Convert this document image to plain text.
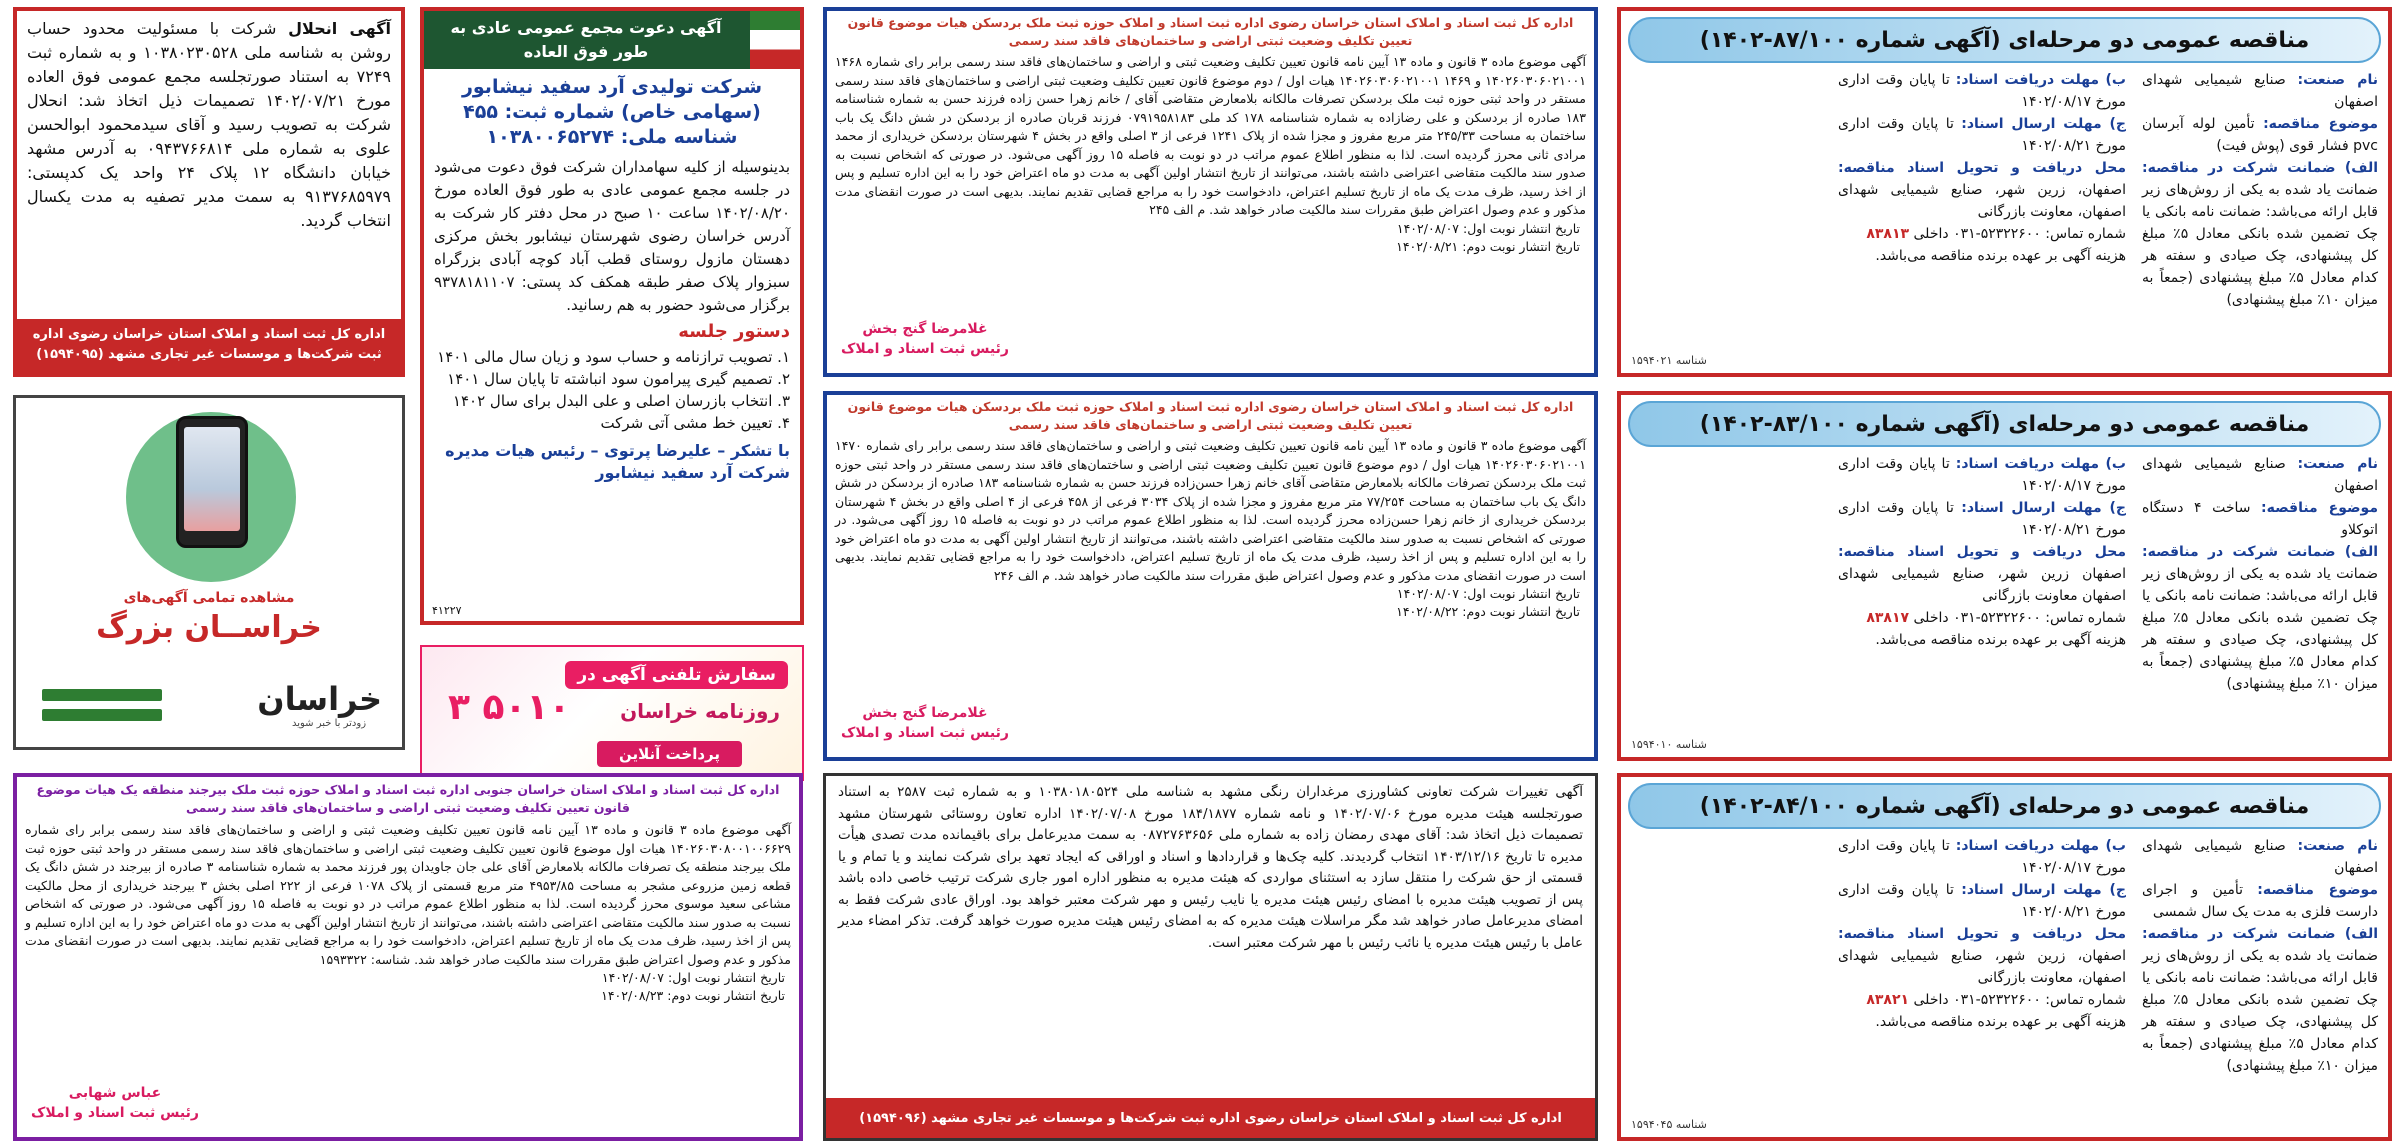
مناقصه عمومی دو مرحله‌ای (آگهی شماره ۸۷/۱۰۰-۱۴۰۲)

نام صنعت: صنایع شیمیایی شهدای اصفهان

موضوع مناقصه: تأمین لوله آبرسان pvc فشار قوی (پوش فیت)

الف) ضمانت شرکت در مناقصه: ضمانت یاد شده به یکی از روش‌های زیر قابل ارائه می‌باشد: ضمانت نامه بانکی یا چک تضمین شده بانکی معادل ۵٪ مبلغ کل پیشنهادی، چک صیادی و سفته هر کدام معادل ۵٪ مبلغ پیشنهادی (جمعاً به میزان ۱۰٪ مبلغ پیشنهادی)

ب) مهلت دریافت اسناد: تا پایان وقت اداری مورخ ۱۴۰۲/۰۸/۱۷

ج) مهلت ارسال اسناد: تا پایان وقت اداری مورخ ۱۴۰۲/۰۸/۲۱

محل دریافت و تحویل اسناد مناقصه: اصفهان، زرین شهر، صنایع شیمیایی شهدای اصفهان، معاونت بازرگانی

شماره تماس: ۵۲۳۲۲۶۰۰-۰۳۱ داخلی ۸۳۸۱۳

هزینه آگهی بر عهده برنده مناقصه می‌باشد.

شناسه ۱۵۹۴۰۲۱
مناقصه عمومی دو مرحله‌ای (آگهی شماره ۸۳/۱۰۰-۱۴۰۲)

نام صنعت: صنایع شیمیایی شهدای اصفهان

موضوع مناقصه: ساخت ۴ دستگاه اتوکلاو

الف) ضمانت شرکت در مناقصه: ضمانت یاد شده به یکی از روش‌های زیر قابل ارائه می‌باشد: ضمانت نامه بانکی یا چک تضمین شده بانکی معادل ۵٪ مبلغ کل پیشنهادی، چک صیادی و سفته هر کدام معادل ۵٪ مبلغ پیشنهادی (جمعاً به میزان ۱۰٪ مبلغ پیشنهادی)

ب) مهلت دریافت اسناد: تا پایان وقت اداری مورخ ۱۴۰۲/۰۸/۱۷

ج) مهلت ارسال اسناد: تا پایان وقت اداری مورخ ۱۴۰۲/۰۸/۲۱

محل دریافت و تحویل اسناد مناقصه: اصفهان زرین شهر، صنایع شیمیایی شهدای اصفهان معاونت بازرگانی

شماره تماس: ۵۲۳۲۲۶۰۰-۰۳۱ داخلی ۸۳۸۱۷

هزینه آگهی بر عهده برنده مناقصه می‌باشد.

شناسه ۱۵۹۴۰۱۰
مناقصه عمومی دو مرحله‌ای (آگهی شماره ۸۴/۱۰۰-۱۴۰۲)

نام صنعت: صنایع شیمیایی شهدای اصفهان

موضوع مناقصه: تأمین و اجرای دارست فلزی به مدت یک سال شمسی

الف) ضمانت شرکت در مناقصه: ضمانت یاد شده به یکی از روش‌های زیر قابل ارائه می‌باشد: ضمانت نامه بانکی یا چک تضمین شده بانکی معادل ۵٪ مبلغ کل پیشنهادی، چک صیادی و سفته هر کدام معادل ۵٪ مبلغ پیشنهادی (جمعاً به میزان ۱۰٪ مبلغ پیشنهادی)

ب) مهلت دریافت اسناد: تا پایان وقت اداری مورخ ۱۴۰۲/۰۸/۱۷

ج) مهلت ارسال اسناد: تا پایان وقت اداری مورخ ۱۴۰۲/۰۸/۲۱

محل دریافت و تحویل اسناد مناقصه: اصفهان، زرین شهر، صنایع شیمیایی شهدای اصفهان، معاونت بازرگانی

شماره تماس: ۵۲۳۲۲۶۰۰-۰۳۱ داخلی ۸۳۸۲۱

هزینه آگهی بر عهده برنده مناقصه می‌باشد.

شناسه ۱۵۹۴۰۴۵
اداره کل ثبت اسناد و املاک استان خراسان رضوی اداره ثبت اسناد و املاک حوزه ثبت ملک بردسکن هیات موضوع قانون تعیین تکلیف وضعیت ثبتی اراضی و ساختمان‌های فاقد سند رسمی
آگهی موضوع ماده ۳ قانون و ماده ۱۳ آیین نامه قانون تعیین تکلیف وضعیت ثبتی و اراضی و ساختمان‌های فاقد سند رسمی برابر رای شماره ۱۴۶۸ ۱۴۰۲۶۰۳۰۶۰۲۱۰۰۱ و ۱۴۶۹ ۱۴۰۲۶۰۳۰۶۰۲۱۰۰۱ هیات اول / دوم موضوع قانون تعیین تکلیف وضعیت ثبتی اراضی و ساختمان‌های فاقد سند رسمی مستقر در واحد ثبتی حوزه ثبت ملک بردسکن تصرفات مالکانه بلامعارض متقاضی آقای / خانم زهرا حسن زاده فرزند حسن به شماره شناسنامه ۱۸۳ صادره از بردسکن و علی رضازاده به شماره شناسنامه ۱۷۸ کد ملی ۰۷۹۱۹۵۸۱۸۳ فرزند قربان صادره از بردسکن در شش دانگ یک باب ساختمان به مساحت ۲۴۵/۳۳ متر مربع مفروز و مجزا شده از پلاک ۱۲۴۱ فرعی از ۳ اصلی واقع در بخش ۴ شهرستان بردسکن خریداری از محمد مرادی ثانی محرز گردیده است. لذا به منظور اطلاع عموم مراتب در دو نوبت به فاصله ۱۵ روز آگهی می‌شود. در صورتی که اشخاص نسبت به صدور سند مالکیت متقاضی اعتراضی داشته باشند، می‌توانند از تاریخ انتشار اولین آگهی به مدت دو ماه اعتراض خود را به این اداره تسلیم و پس از اخذ رسید، ظرف مدت یک ماه از تاریخ تسلیم اعتراض، دادخواست خود را به مراجع قضایی تقدیم نمایند. بدیهی است در صورت انقضای مدت مذکور و عدم وصول اعتراض طبق مقررات سند مالکیت صادر خواهد شد. م الف ۲۴۵
تاریخ انتشار نوبت اول: ۱۴۰۲/۰۸/۰۷
تاریخ انتشار نوبت دوم: ۱۴۰۲/۰۸/۲۱
غلامرضا گنج بخش
رئیس ثبت اسناد و املاک
اداره کل ثبت اسناد و املاک استان خراسان رضوی اداره ثبت اسناد و املاک حوزه ثبت ملک بردسکن هیات موضوع قانون تعیین تکلیف وضعیت ثبتی اراضی و ساختمان‌های فاقد سند رسمی
آگهی موضوع ماده ۳ قانون و ماده ۱۳ آیین نامه قانون تعیین تکلیف وضعیت ثبتی و اراضی و ساختمان‌های فاقد سند رسمی برابر رای شماره ۱۴۷۰ ۱۴۰۲۶۰۳۰۶۰۲۱۰۰۱ هیات اول / دوم موضوع قانون تعیین تکلیف وضعیت ثبتی اراضی و ساختمان‌های فاقد سند رسمی مستقر در واحد ثبتی حوزه ثبت ملک بردسکن تصرفات مالکانه بلامعارض متقاضی آقای خانم زهرا حسن‌زاده فرزند حسن به شماره شناسنامه ۱۸۳ صادره از بردسکن در شش دانگ یک باب ساختمان به مساحت ۷۷/۲۵۴ متر مربع مفروز و مجزا شده از پلاک ۳۰۳۴ فرعی از ۴۵۸ فرعی از ۴ اصلی واقع در بخش ۴ شهرستان بردسکن خریداری از خانم زهرا حسن‌زاده محرز گردیده است. لذا به منظور اطلاع عموم مراتب در دو نوبت به فاصله ۱۵ روز آگهی می‌شود. در صورتی که اشخاص نسبت به صدور سند مالکیت متقاضی اعتراضی داشته باشند، می‌توانند از تاریخ انتشار اولین آگهی به مدت دو ماه اعتراض خود را به این اداره تسلیم و پس از اخذ رسید، ظرف مدت یک ماه از تاریخ تسلیم اعتراض، دادخواست خود را به مراجع قضایی تقدیم نمایند. بدیهی است در صورت انقضای مدت مذکور و عدم وصول اعتراض طبق مقررات سند مالکیت صادر خواهد شد. م الف ۲۴۶
تاریخ انتشار نوبت اول: ۱۴۰۲/۰۸/۰۷
تاریخ انتشار نوبت دوم: ۱۴۰۲/۰۸/۲۲
غلامرضا گنج بخش
رئیس ثبت اسناد و املاک
آگهی تغییرات شرکت تعاونی کشاورزی مرغداران رنگی مشهد به شناسه ملی ۱۰۳۸۰۱۸۰۵۲۴ و به شماره ثبت ۲۵۸۷ به استناد صورتجلسه هیئت مدیره مورخ ۱۴۰۲/۰۷/۰۶ و نامه شماره ۱۸۴/۱۸۷۷ مورخ ۱۴۰۲/۰۷/۰۸ اداره تعاون روستائی شهرستان مشهد تصمیمات ذیل اتخاذ شد: آقای مهدی رمضان زاده به شماره ملی ۰۸۷۲۷۶۳۶۵۶ به سمت مدیرعامل برای باقیمانده مدت تصدی هیأت مدیره تا تاریخ ۱۴۰۳/۱۲/۱۶ انتخاب گردیدند. کلیه چک‌ها و قراردادها و اسناد و اوراقی که ایجاد تعهد برای شرکت نمایند و یا تمام و یا قسمتی از حق شرکت را منتقل سازد به استثنای مواردی که هیئت مدیره به منظور اداره امور جاری شرکت ترتیب خاصی داده باشد پس از تصویب هیئت مدیره با امضای رئیس هیئت مدیره یا نایب رئیس و مهر شرکت معتبر خواهد بود. اوراق عادی شرکت فقط به امضای مدیرعامل صادر خواهد شد مگر مراسلات هیئت مدیره که به امضای رئیس هیئت مدیره صورت خواهد گرفت. تذکر امضاء مدیر عامل با رئیس هیئت مدیره یا نائب رئیس با مهر شرکت معتبر است.
اداره کل ثبت اسناد و املاک استان خراسان رضوی اداره ثبت شرکت‌ها و موسسات غیر تجاری مشهد (۱۵۹۴۰۹۶)
آگهی دعوت مجمع عمومی عادی به طور فوق العاده
شرکت تولیدی آرد سفید نیشابور (سهامی خاص) شماره ثبت: ۴۵۵ شناسه ملی: ۱۰۳۸۰۰۶۵۲۷۴
بدینوسیله از کلیه سهامداران شرکت فوق دعوت می‌شود در جلسه مجمع عمومی عادی به طور فوق العاده مورخ ۱۴۰۲/۰۸/۲۰ ساعت ۱۰ صبح در محل دفتر کار شرکت به آدرس خراسان رضوی شهرستان نیشابور بخش مرکزی دهستان مازول روستای قطب آباد کوچه آبادی بزرگراه سبزوار پلاک صفر طبقه همکف کد پستی: ۹۳۷۸۱۸۱۱۰۷ برگزار می‌شود حضور به هم رسانید.
دستور جلسه
۱. تصویب ترازنامه و حساب سود و زیان سال مالی ۱۴۰۱
۲. تصمیم گیری پیرامون سود انباشته تا پایان سال ۱۴۰۱
۳. انتخاب بازرسان اصلی و علی البدل برای سال ۱۴۰۲
۴. تعیین خط مشی آتی شرکت
با تشکر – علیرضا پرتوی – رئیس هیات مدیره شرکت آرد سفید نیشابور
۴۱۲۲۷
سفارش تلفنی آگهی در
روزنامه خراسان
۳ ۵۰۱۰
پرداخت آنلاین
آگهی انحلال شرکت با مسئولیت محدود حساب روشن به شناسه ملی ۱۰۳۸۰۲۳۰۵۲۸ و به شماره ثبت ۷۲۴۹ به استناد صورتجلسه مجمع عمومی فوق العاده مورخ ۱۴۰۲/۰۷/۲۱ تصمیمات ذیل اتخاذ شد: انحلال شرکت به تصویب رسید و آقای سیدمحمود ابوالحسن علوی به شماره ملی ۰۹۴۳۷۶۶۸۱۴ به آدرس مشهد خیابان دانشگاه ۱۲ پلاک ۲۴ واحد یک کدپستی: ۹۱۳۷۶۸۵۹۷۹ به سمت مدیر تصفیه به مدت یکسال انتخاب گردید.
اداره کل ثبت اسناد و املاک استان خراسان رضوی اداره ثبت شرکت‌ها و موسسات غیر تجاری مشهد (۱۵۹۴۰۹۵)
مشاهده تمامی آگهی‌های
خراســان بزرگ
خراسان
زودتر با خبر شوید
اداره کل ثبت اسناد و املاک استان خراسان جنوبی اداره ثبت اسناد و املاک حوزه ثبت ملک بیرجند منطقه یک هیات موضوع قانون تعیین تکلیف وضعیت ثبتی اراضی و ساختمان‌های فاقد سند رسمی
آگهی موضوع ماده ۳ قانون و ماده ۱۳ آیین نامه قانون تعیین تکلیف وضعیت ثبتی و اراضی و ساختمان‌های فاقد سند رسمی برابر رای شماره ۱۴۰۲۶۰۳۰۸۰۰۱۰۰۶۶۲۹ هیات اول موضوع قانون تعیین تکلیف وضعیت ثبتی اراضی و ساختمان‌های فاقد سند رسمی مستقر در واحد ثبتی حوزه ثبت ملک بیرجند منطقه یک تصرفات مالکانه بلامعارض آقای علی جان جاویدان پور فرزند محمد به شماره شناسنامه ۳ صادره از بیرجند در شش دانگ یک قطعه زمین مزروعی مشجر به مساحت ۴۹۵۳/۸۵ متر مربع قسمتی از پلاک ۱۰۷۸ فرعی از ۲۲۲ اصلی بخش ۳ بیرجند خریداری از محل مالکیت مشاعی سعید موسوی محرز گردیده است. لذا به منظور اطلاع عموم مراتب در دو نوبت به فاصله ۱۵ روز آگهی می‌شود. در صورتی که اشخاص نسبت به صدور سند مالکیت متقاضی اعتراضی داشته باشند، می‌توانند از تاریخ انتشار اولین آگهی به مدت دو ماه اعتراض خود را به این اداره تسلیم و پس از اخذ رسید، ظرف مدت یک ماه از تاریخ تسلیم اعتراض، دادخواست خود را به مراجع قضایی تقدیم نمایند. بدیهی است در صورت انقضای مدت مذکور و عدم وصول اعتراض طبق مقررات سند مالکیت صادر خواهد شد. شناسه: ۱۵۹۳۳۲۲
تاریخ انتشار نوبت اول: ۱۴۰۲/۰۸/۰۷
تاریخ انتشار نوبت دوم: ۱۴۰۲/۰۸/۲۳
عباس شهابی
رئیس ثبت اسناد و املاک
